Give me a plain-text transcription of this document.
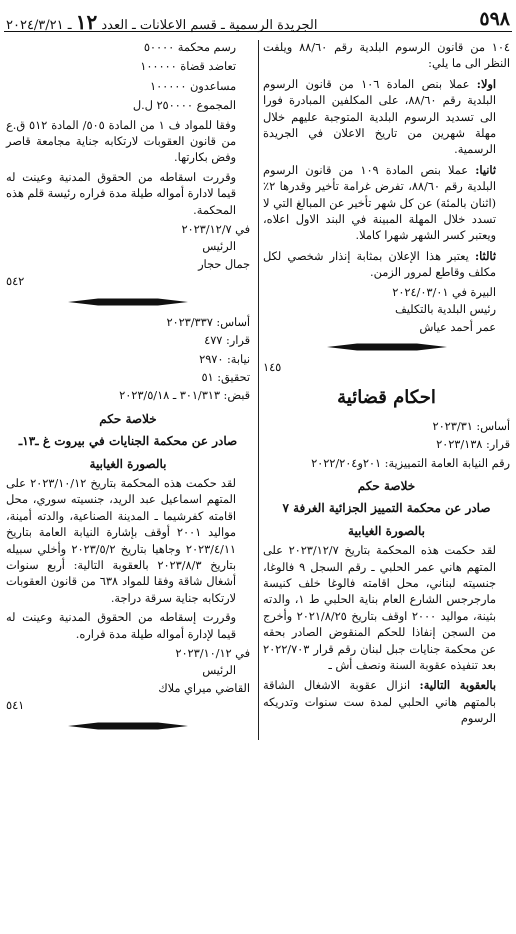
٥٩٨
الجريدة الرسمية ـ قسم الاعلانات ـ العدد ١٢ ـ ٢٠٢٤/٣/٢١

١٠٤ من قانون الرسوم البلدية رقم ٨٨/٦٠ ويلفت النظر الى ما يلي:

اولا: عملا بنص المادة ١٠٦ من قانون الرسوم البلدية رقم ٨٨/٦٠، على المكلفين المبادرة فورا الى تسديد الرسوم البلدية المتوجبة عليهم خلال مهلة شهرين من تاريخ الاعلان في الجريدة الرسمية.

ثانيا: عملا بنص المادة ١٠٩ من قانون الرسوم البلدية رقم ٨٨/٦٠، تفرض غرامة تأخير وقدرها ٢٪ (اثنان بالمئة) عن كل شهر تأخير عن المبالغ التي لا تسدد خلال المهلة المبينة في البند الاول اعلاه، ويعتبر كسر الشهر شهرا كاملا.

ثالثا: يعتبر هذا الإعلان بمثابة إنذار شخصي لكل مكلف وقاطع لمرور الزمن.

البيرة في ٢٠٢٤/٠٣/٠١

رئيس البلدية بالتكليف

عمر أحمد عياش

١٤٥

احكام قضائية

أساس: ٢٠٢٣/٣١

قرار: ٢٠٢٣/١٣٨

رقم النيابة العامة التمييزية: ٢٠١و٢٠٢٢/٢٠٤

خلاصة حكم
صادر عن محكمة التمييز الجزائية الغرفة ٧
بالصورة الغيابية

لقد حكمت هذه المحكمة بتاريخ ٢٠٢٣/١٢/٧ على المتهم هاني عمر الحلبي ـ رقم السجل ٩ فالوغا، جنسيته لبناني، محل اقامته فالوغا خلف كنيسة مارجرجس الشارع العام بناية الحلبي ط ١، والدته بثينة، مواليد ٢٠٠٠ اوقف بتاريخ ٢٠٢١/٨/٢٥ وأخرج من السجن إنفاذا للحكم المنقوض الصادر بحقه عن محكمة جنايات جبل لبنان رقم قرار ٢٠٢٢/٧٠٣ بعد تنفيذه عقوبة السنة ونصف أش ـ

بالعقوبة التالية: انزال عقوبة الاشغال الشاقة بالمتهم هاني الحلبي لمدة ست سنوات وتدريكه الرسوم

رسم محكمة ٥٠٠٠٠

تعاضد قضاة ١٠٠٠٠٠

مساعدون ١٠٠٠٠٠

المجموع ٢٥٠٠٠٠ ل.ل

وفقا للمواد ف ١ من المادة ٥٠٥/ المادة ٥١٢ ق.ع من قانون العقوبات لارتكابه جناية مجامعة قاصر وفض بكارتها.

وقررت اسقاطه من الحقوق المدنية وعينت له قيما لادارة أمواله طيلة مدة فراره رئيسة قلم هذه المحكمة.

في ٢٠٢٣/١٢/٧

الرئيس

جمال حجار

٥٤٢

أساس: ٢٠٢٣/٣٣٧

قرار: ٤٧٧

نيابة: ٢٩٧٠

تحقيق: ٥١

قبض: ٣٠١/٣١٣ ـ ٢٠٢٣/٥/١٨

خلاصة حكم
صادر عن محكمة الجنايات في بيروت غ ـ١٣ـ
بالصورة الغيابية

لقد حكمت هذه المحكمة بتاريخ ٢٠٢٣/١٠/١٢ على المتهم اسماعيل عبد الريد، جنسيته سوري، محل اقامته كفرشيما ـ المدينة الصناعية، والدته أمينة، مواليد ٢٠٠١ أوقف بإشارة النيابة العامة بتاريخ ٢٠٢٣/٤/١١ وجاهيا بتاريخ ٢٠٢٣/٥/٢ وأخلي سبيله بتاريخ ٢٠٢٣/٨/٣ بالعقوبة التالية: أربع سنوات أشغال شاقة وفقا للمواد ٦٣٨ من قانون العقوبات لارتكابه جناية سرقة دراجة.

وقررت إسقاطه من الحقوق المدنية وعينت له قيما لإدارة أمواله طيلة مدة فراره.

في ٢٠٢٣/١٠/١٢

الرئيس

القاضي ميراي ملاك

٥٤١
